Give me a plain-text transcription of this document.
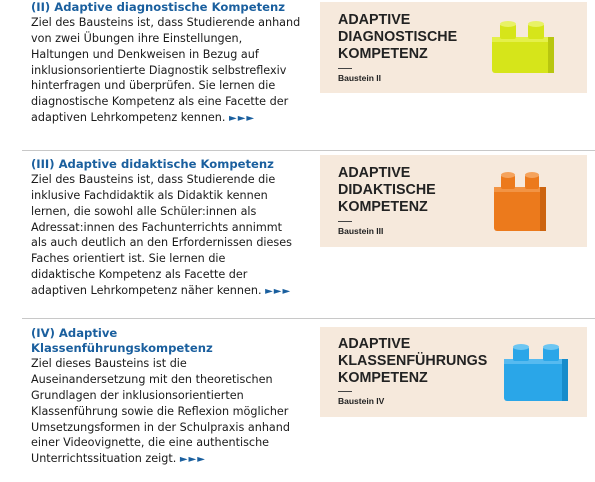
(II) Adaptive diagnostische Kompetenz

Ziel des Bausteins ist, dass Studierende anhand von zwei Übungen ihre Einstellungen, Haltungen und Denkweisen in Bezug auf inklusionsorientierte Diagnostik selbstreflexiv hinterfragen und überprüfen. Sie lernen die diagnostische Kompetenz als eine Facette der adaptiven Lehrkompetenz kennen. ►►►

ADAPTIVE

DIAGNOSTISCHE

KOMPETENZ

Baustein II

(III) Adaptive didaktische Kompetenz

Ziel des Bausteins ist, dass Studierende die inklusive Fachdidaktik als Didaktik kennen lernen, die sowohl alle Schüler:innen als Adressat:innen des Fachunterrichts annimmt als auch deutlich an den Erfordernissen dieses Faches orientiert ist. Sie lernen die didaktische Kompetenz als Facette der adaptiven Lehrkompetenz näher kennen. ►►►

ADAPTIVE

DIDAKTISCHE

KOMPETENZ

Baustein III

(IV) Adaptive Klassenführungskompetenz

Ziel dieses Bausteins ist die Auseinandersetzung mit den theoretischen Grundlagen der inklusionsorientierten Klassenführung sowie die Reflexion möglicher Umsetzungsformen in der Schulpraxis anhand einer Videovignette, die eine authentische Unterrichtssituation zeigt. ►►►

ADAPTIVE

KLASSENFÜHRUNGS

KOMPETENZ

Baustein IV
